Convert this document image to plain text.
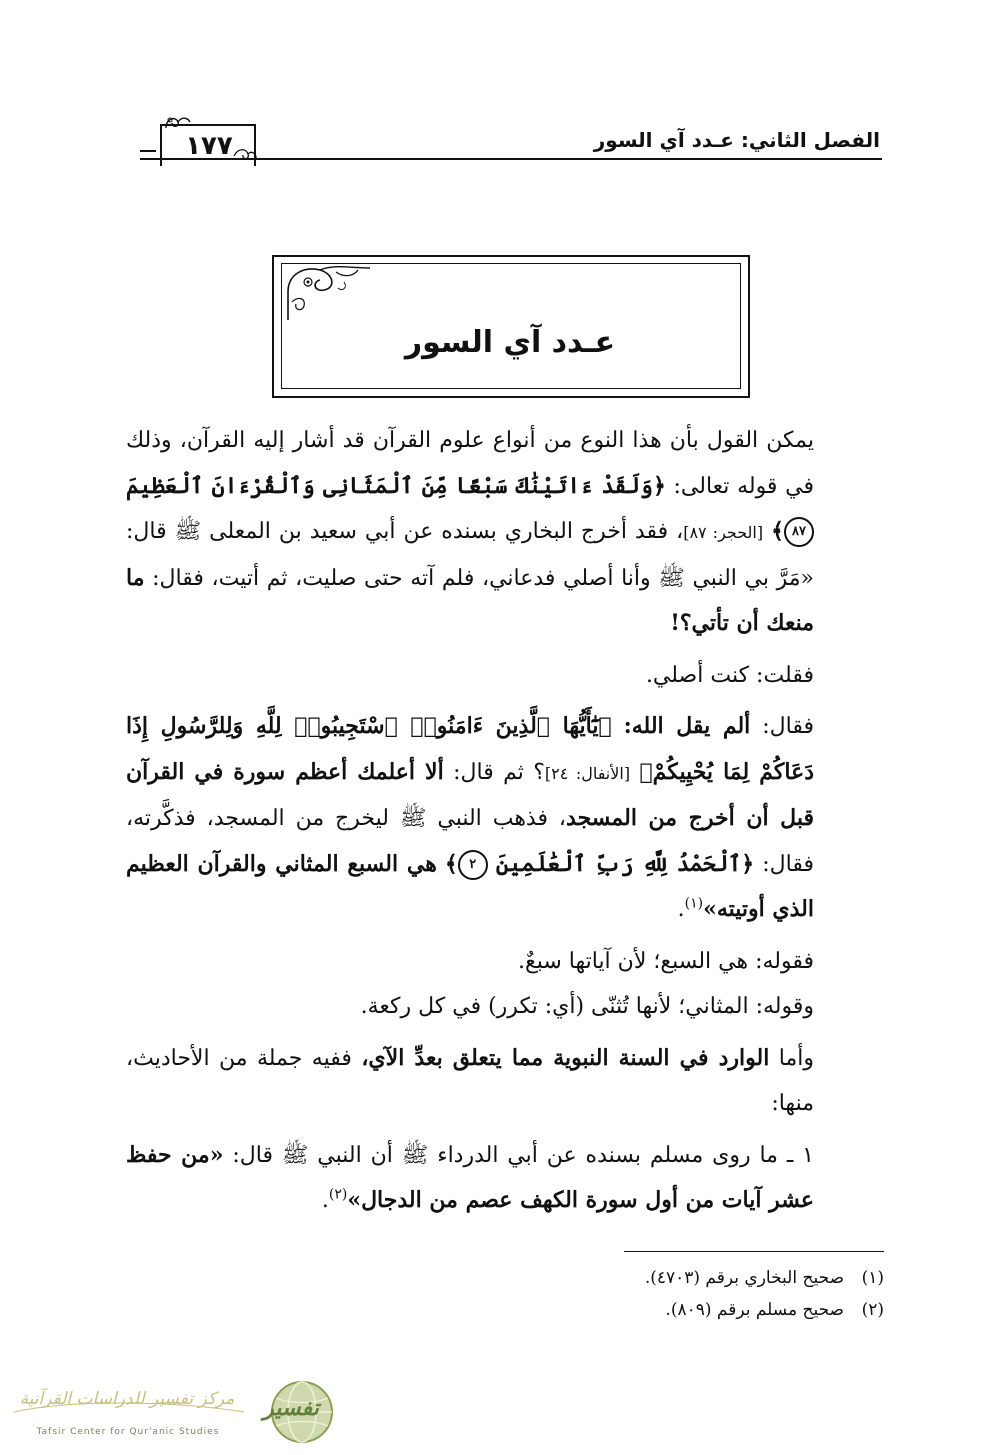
١٧٧	الفصل الثاني: عـدد آي السور
عـدد آي السور

يمكن القول بأن هذا النوع من أنواع علوم القرآن قد أشار إليه القرآن، وذلك في قوله تعالى: ﴿وَلَقَدْ ءَاتَيْنَٰكَ سَبْعًا مِّنَ ٱلْمَثَانِى وَٱلْقُرْءَانَ ٱلْعَظِيمَ ٨٧﴾ [الحجر: ٨٧]، فقد أخرج البخاري بسنده عن أبي سعيد بن المعلى ﷺ قال: «مَرَّ بي النبي ﷺ وأنا أصلي فدعاني، فلم آته حتى صليت، ثم أتيت، فقال: ما منعك أن تأتي؟!

فقلت: كنت أصلي.

فقال: ألم يقل الله: ﴿يَٰٓأَيُّهَا ٱلَّذِينَ ءَامَنُوا۟ ٱسْتَجِيبُوا۟ لِلَّهِ وَلِلرَّسُولِ إِذَا دَعَاكُمْ لِمَا يُحْيِيكُمْ﴾ [الأنفال: ٢٤]؟ ثم قال: ألا أعلمك أعظم سورة في القرآن قبل أن أخرج من المسجد، فذهب النبي ﷺ ليخرج من المسجد، فذكَّرته، فقال: ﴿ٱلْحَمْدُ لِلَّهِ رَبِّ ٱلْعَٰلَمِينَ ٢﴾ هي السبع المثاني والقرآن العظيم الذي أوتيته»$^{(١)}$.

فقوله: هي السبع؛ لأن آياتها سبعٌ.

وقوله: المثاني؛ لأنها تُثنّى (أي: تكرر) في كل ركعة.

وأما الوارد في السنة النبوية مما يتعلق بعدِّ الآي، ففيه جملة من الأحاديث، منها:

١ ـ ما روى مسلم بسنده عن أبي الدرداء ﷺ أن النبي ﷺ قال: «من حفظ عشر آيات من أول سورة الكهف عصم من الدجال»$^{(٢)}$.

(١)صحيح البخاري برقم (٤٧٠٣).

(٢)صحيح مسلم برقم (٨٠٩).

مركز تفسير للدراسات القرآنية
Tafsir Center for Qur'anic Studies
تفسير
